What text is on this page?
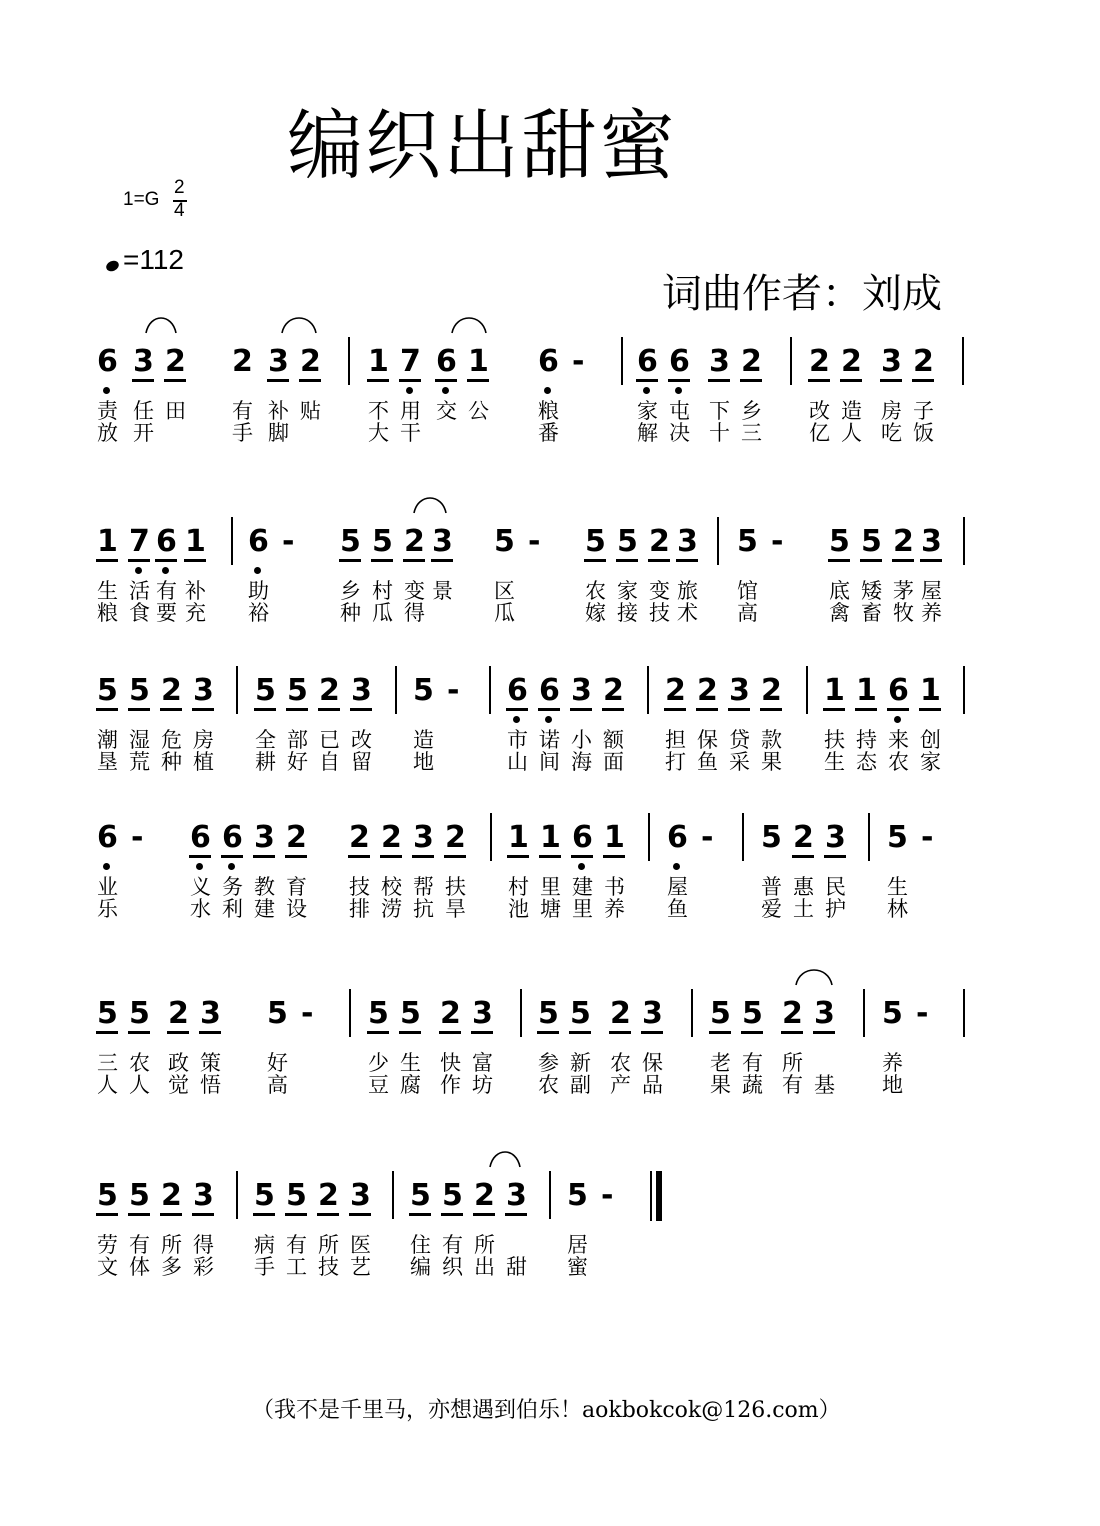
编织出甜蜜
1=G
2
4
=112
词曲作者：刘成
6 3 2 2 3 2 1 7 6 1 6 - 6 6 3 2 2 2 3 2
1 7 6 1 6 - 5 5 2 3 5 - 5 5 2 3 5 - 5 5 2 3
5 5 2 3 5 5 2 3 5 - 6 6 3 2 2 2 3 2 1 1 6 1
6 - 6 6 3 2 2 2 3 2 1 1 6 1 6 - 5 2 3 5 -
5 5 2 3 5 - 5 5 2 3 5 5 2 3 5 5 2 3 5 -
5 5 2 3 5 5 2 3 5 5 2 3 5 -
责 任 田 有 补 贴 不 用 交 公 粮	家 屯 下 乡 改 造 房 子
放 开	手 脚	大 干	番	解 决 十 三 亿 人 吃 饭
生 活 有 补 助	乡 村 变 景 区	农 家 变 旅 馆	底 矮 茅 屋
粮 食 要 充 裕	种 瓜 得	瓜	嫁 接 技 术 高	禽 畜 牧 养
潮 湿 危 房 全 部 已 改 造	市 诺 小 额 担 保 贷 款 扶 持 来 创
垦 荒 种 植 耕 好 自 留 地	山 间 海 面 打 鱼 采 果 生 态 农 家
业	义 务 教 育 技 校 帮 扶 村 里 建 书 屋	普 惠 民 生
乐	水 利 建 设 排 涝 抗 旱 池 塘 里 养 鱼	爱 土 护 林
三 农 政 策 好	少 生 快 富 参 新 农 保 老 有 所	养
人 人 觉 悟 高	豆 腐 作 坊 农 副 产 品 果 蔬 有 基 地
劳 有 所 得 病 有 所 医 住 有 所	居
文 体 多 彩 手 工 技 艺 编 织 出 甜 蜜
（我不是千里马，亦想遇到伯乐！aokbokcok@126.com）
